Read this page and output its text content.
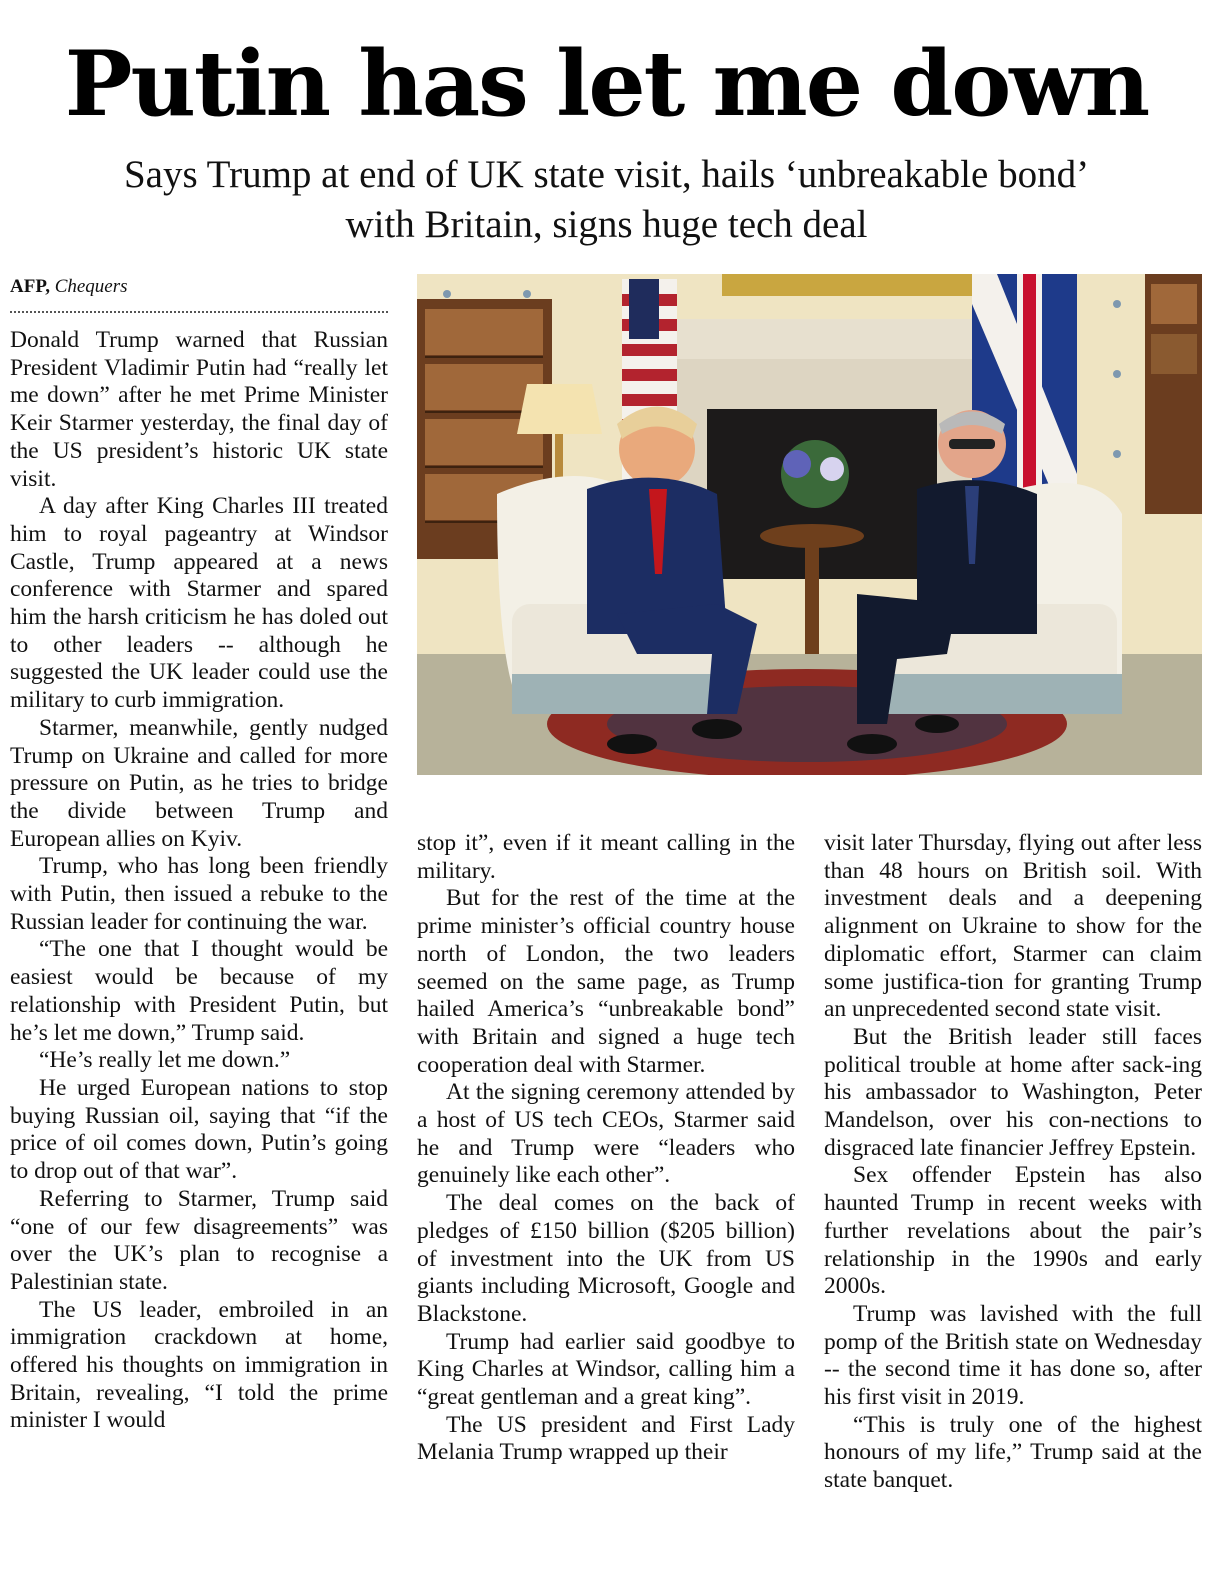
Putin has let me down
Says Trump at end of UK state visit, hails ‘unbreakable bond’
with Britain, signs huge tech deal
AFP, Chequers

Donald Trump warned that Russian President Vladimir Putin had “really let me down” after he met Prime Minister Keir Starmer yesterday, the final day of the US president’s historic UK state visit.

A day after King Charles III treated him to royal pageantry at Windsor Castle, Trump appeared at a news conference with Starmer and spared him the harsh criticism he has doled out to other leaders -- although he suggested the UK leader could use the military to curb immigration.

Starmer, meanwhile, gently nudged Trump on Ukraine and called for more pressure on Putin, as he tries to bridge the divide between Trump and European allies on Kyiv.

Trump, who has long been friendly with Putin, then issued a rebuke to the Russian leader for continuing the war.

“The one that I thought would be easiest would be because of my relationship with President Putin, but he’s let me down,” Trump said.

“He’s really let me down.”

He urged European nations to stop buying Russian oil, saying that “if the price of oil comes down, Putin’s going to drop out of that war”.

Referring to Starmer, Trump said “one of our few disagreements” was over the UK’s plan to recognise a Palestinian state.

The US leader, embroiled in an immigration crackdown at home, offered his thoughts on immigration in Britain, revealing, “I told the prime minister I would

stop it”, even if it meant calling in the military.

But for the rest of the time at the prime minister’s official country house north of London, the two leaders seemed on the same page, as Trump hailed America’s “unbreakable bond” with Britain and signed a huge tech cooperation deal with Starmer.

At the signing ceremony attended by a host of US tech CEOs, Starmer said he and Trump were “leaders who genuinely like each other”.

The deal comes on the back of pledges of £150 billion ($205 billion) of investment into the UK from US giants including Microsoft, Google and Blackstone.

Trump had earlier said goodbye to King Charles at Windsor, calling him a “great gentleman and a great king”.

The US president and First Lady Melania Trump wrapped up their

visit later Thursday, flying out after less than 48 hours on British soil. With investment deals and a deepening alignment on Ukraine to show for the diplomatic effort, Starmer can claim some justifica-tion for granting Trump an unprecedented second state visit.

But the British leader still faces political trouble at home after sack-ing his ambassador to Washington, Peter Mandelson, over his con-nections to disgraced late financier Jeffrey Epstein.

Sex offender Epstein has also haunted Trump in recent weeks with further revelations about the pair’s relationship in the 1990s and early 2000s.

Trump was lavished with the full pomp of the British state on Wednesday -- the second time it has done so, after his first visit in 2019.

“This is truly one of the highest honours of my life,” Trump said at the state banquet.
